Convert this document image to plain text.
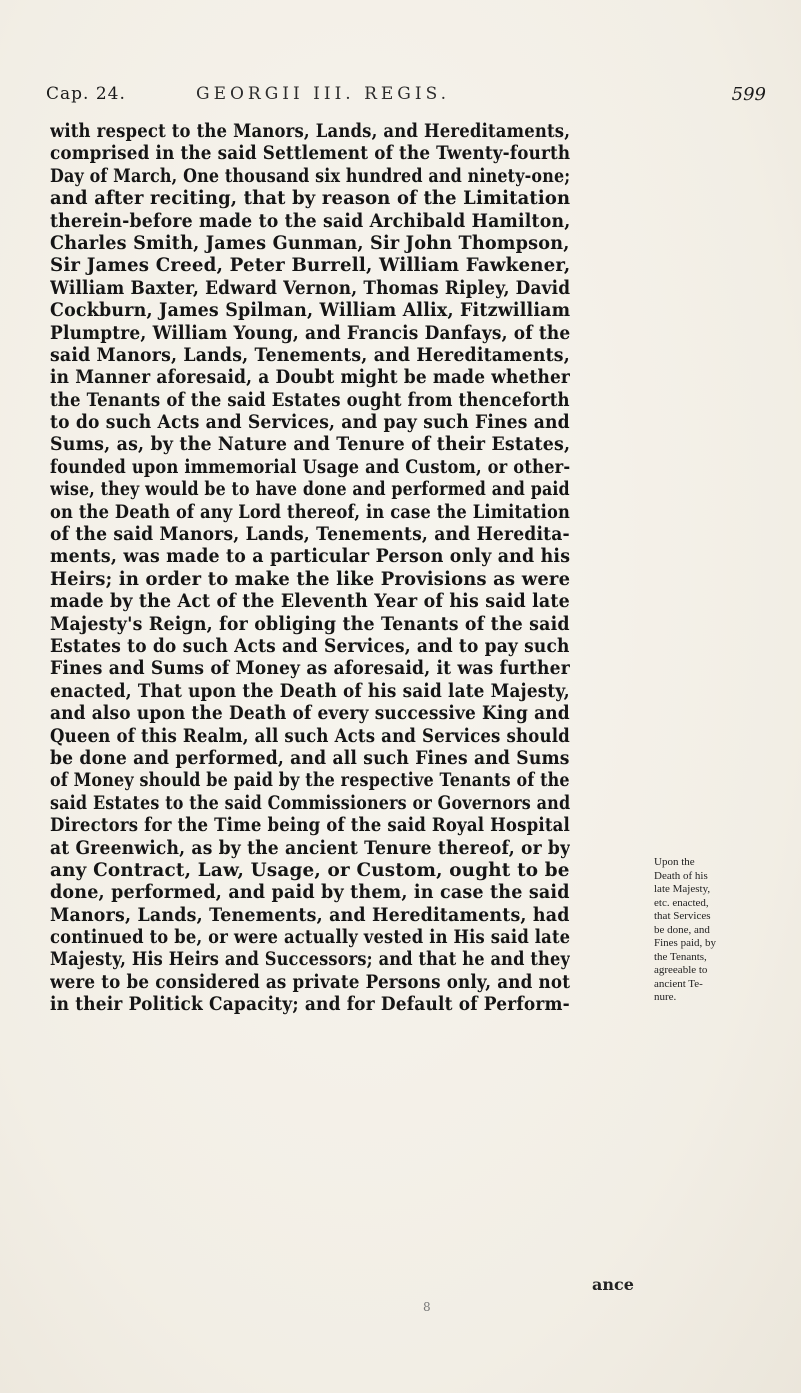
Cap. 24.	GEORGII III. REGIS.	599
with respect to the Manors, Lands, and Hereditaments,
comprised in the said Settlement of the Twenty-fourth
Day of March, One thousand six hundred and ninety-one;
and after reciting, that by reason of the Limitation
therein-before made to the said Archibald Hamilton,
Charles Smith, James Gunman, Sir John Thompson,
Sir James Creed, Peter Burrell, William Fawkener,
William Baxter, Edward Vernon, Thomas Ripley, David
Cockburn, James Spilman, William Allix, Fitzwilliam
Plumptre, William Young, and Francis Danfays, of the
said Manors, Lands, Tenements, and Hereditaments,
in Manner aforesaid, a Doubt might be made whether
the Tenants of the said Estates ought from thenceforth
to do such Acts and Services, and pay such Fines and
Sums, as, by the Nature and Tenure of their Estates,
founded upon immemorial Usage and Custom, or other-
wise, they would be to have done and performed and paid
on the Death of any Lord thereof, in case the Limitation
of the said Manors, Lands, Tenements, and Heredita-
ments, was made to a particular Person only and his
Heirs; in order to make the like Provisions as were
made by the Act of the Eleventh Year of his said late
Majesty's Reign, for obliging the Tenants of the said
Estates to do such Acts and Services, and to pay such
Fines and Sums of Money as aforesaid, it was further
enacted, That upon the Death of his said late Majesty,
and also upon the Death of every successive King and
Queen of this Realm, all such Acts and Services should
be done and performed, and all such Fines and Sums
of Money should be paid by the respective Tenants of the
said Estates to the said Commissioners or Governors and
Directors for the Time being of the said Royal Hospital
at Greenwich, as by the ancient Tenure thereof, or by
any Contract, Law, Usage, or Custom, ought to be
done, performed, and paid by them, in case the said
Manors, Lands, Tenements, and Hereditaments, had
continued to be, or were actually vested in His said late
Majesty, His Heirs and Successors; and that he and they
were to be considered as private Persons only, and not
in their Politick Capacity; and for Default of Perform-
Upon the
Death of his
late Majesty,
etc. enacted,
that Services
be done, and
Fines paid, by
the Tenants,
agreeable to
ancient Te-
nure.
ance
8
